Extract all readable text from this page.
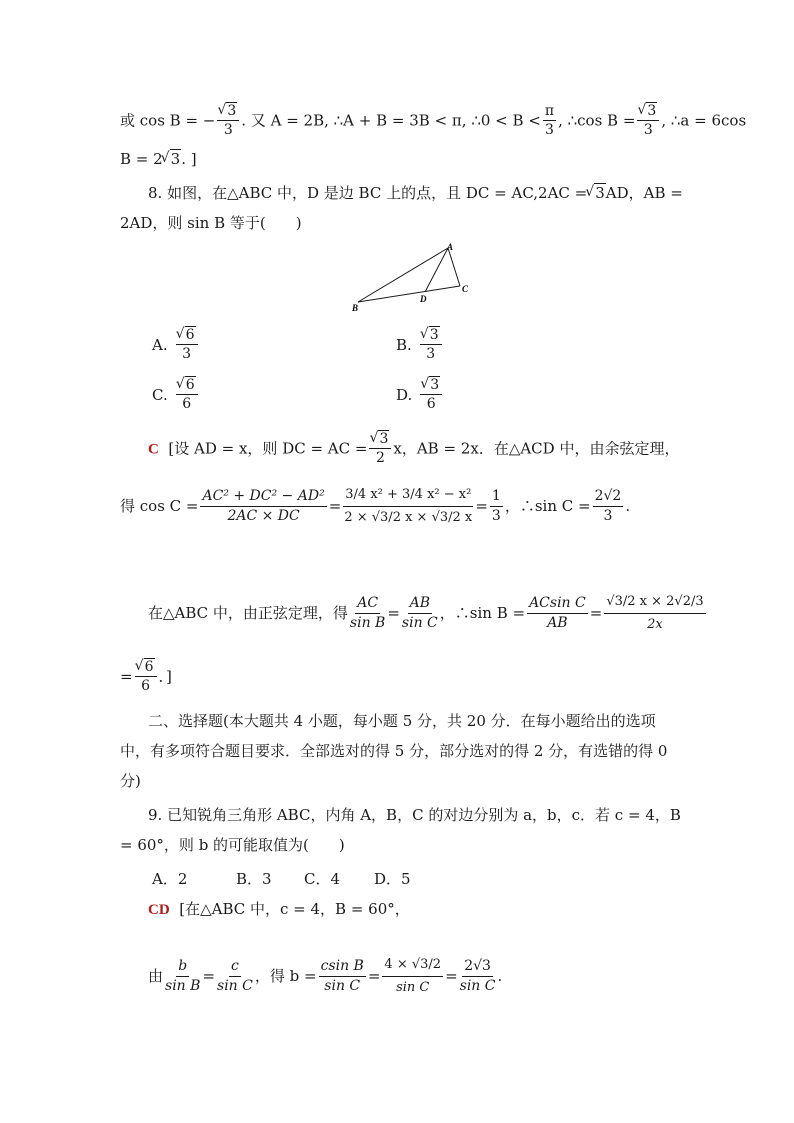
或 cos B = − √ $\frac{3}{3}$ . 又 A = 2B, ∴A + B = 3B < π, ∴0 < $B < \frac{\pi}{3}$ , ∴cos B = √ $\frac{3}{3}$ , ∴a = 6cos
B = 2 √ 3. ]
8. 如图，在△ABC 中，D 是边 BC 上的点，且 DC = AC,2AC = √ 3AD，AB =
2AD，则 sin B 等于(　　)
A
B
C
D
A. √ $\frac{6}{3}$	B. √ $\frac{3}{3}$
C. √ $\frac{6}{6}$	D. √ $\frac{3}{6}$
C [设 AD = x，则 DC = AC = √ $\frac{3}{2}$ x，AB = 2x．在△ACD 中，由余弦定理，
得 $\cos C = \frac{\text{AC² + DC² − AD²}}{2AC \times DC} = \frac{\text{3/4 x² + 3/4 x² − x²}}{2 \times √3/2 x \times √3/2 x} = \frac{1}{3}$ ，∴sin $C = \frac{2√2}{3}$ .
在△ABC 中，由正弦定理，得 $\frac{AC}{\text{sin B}} = \frac{AB}{\text{sin C}}$ ，∴sin $B = \frac{\text{ACsin C}}{AB} = \frac{√3/2 x \times 2√2/3}{2x}$
= √ $\frac{6}{6}$ ．]
二、选择题(本大题共 4 小题，每小题 5 分，共 20 分．在每小题给出的选项
中，有多项符合题目要求．全部选对的得 5 分，部分选对的得 2 分，有选错的得 0
分)
9. 已知锐角三角形 ABC，内角 A，B，C 的对边分别为 a，b，c．若 c = 4，B
= 60°，则 b 的可能取值为(　　)
A．2	B．3 C．4 D．5
CD [在△ABC 中，c = 4，B = 60°，
由 $\frac{b}{\text{sin B}} = \frac{c}{\text{sin C}}$ ，得 $b = \frac{\text{csin B}}{\text{sin C}} = \frac{4 \times √3/2}{\text{sin C}} = \frac{2√3}{\text{sin C}}$ .
